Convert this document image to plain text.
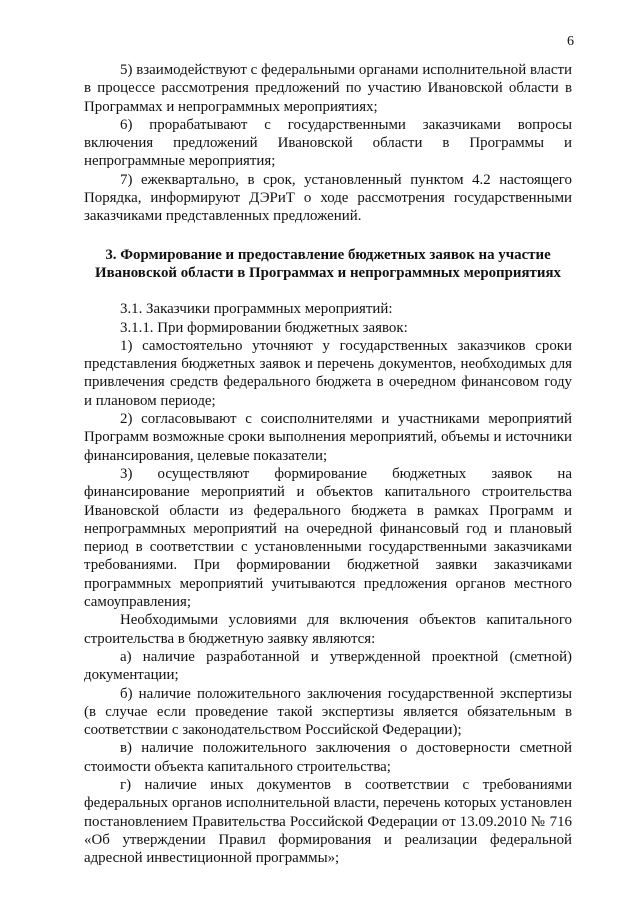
6

5) взаимодействуют с федеральными органами исполнительной власти в процессе рассмотрения предложений по участию Ивановской области в Программах и непрограммных мероприятиях;

6) прорабатывают с государственными заказчиками вопросы включения предложений Ивановской области в Программы и непрограммные мероприятия;

7) ежеквартально, в срок, установленный пунктом 4.2 настоящего Порядка, информируют ДЭРиТ о ходе рассмотрения государственными заказчиками представленных предложений.

3. Формирование и предоставление бюджетных заявок на участие Ивановской области в Программах и непрограммных мероприятиях

3.1. Заказчики программных мероприятий:

3.1.1. При формировании бюджетных заявок:

1) самостоятельно уточняют у государственных заказчиков сроки представления бюджетных заявок и перечень документов, необходимых для привлечения средств федерального бюджета в очередном финансовом году и плановом периоде;

2) согласовывают с соисполнителями и участниками мероприятий Программ возможные сроки выполнения мероприятий, объемы и источники финансирования, целевые показатели;

3) осуществляют формирование бюджетных заявок на финансирование мероприятий и объектов капитального строительства Ивановской области из федерального бюджета в рамках Программ и непрограммных мероприятий на очередной финансовый год и плановый период в соответствии с установленными государственными заказчиками требованиями. При формировании бюджетной заявки заказчиками программных мероприятий учитываются предложения органов местного самоуправления;

Необходимыми условиями для включения объектов капитального строительства в бюджетную заявку являются:

а) наличие разработанной и утвержденной проектной (сметной) документации;

б) наличие положительного заключения государственной экспертизы (в случае если проведение такой экспертизы является обязательным в соответствии с законодательством Российской Федерации);

в) наличие положительного заключения о достоверности сметной стоимости объекта капитального строительства;

г) наличие иных документов в соответствии с требованиями федеральных органов исполнительной власти, перечень которых установлен постановлением Правительства Российской Федерации от 13.09.2010 № 716 «Об утверждении Правил формирования и реализации федеральной адресной инвестиционной программы»;
